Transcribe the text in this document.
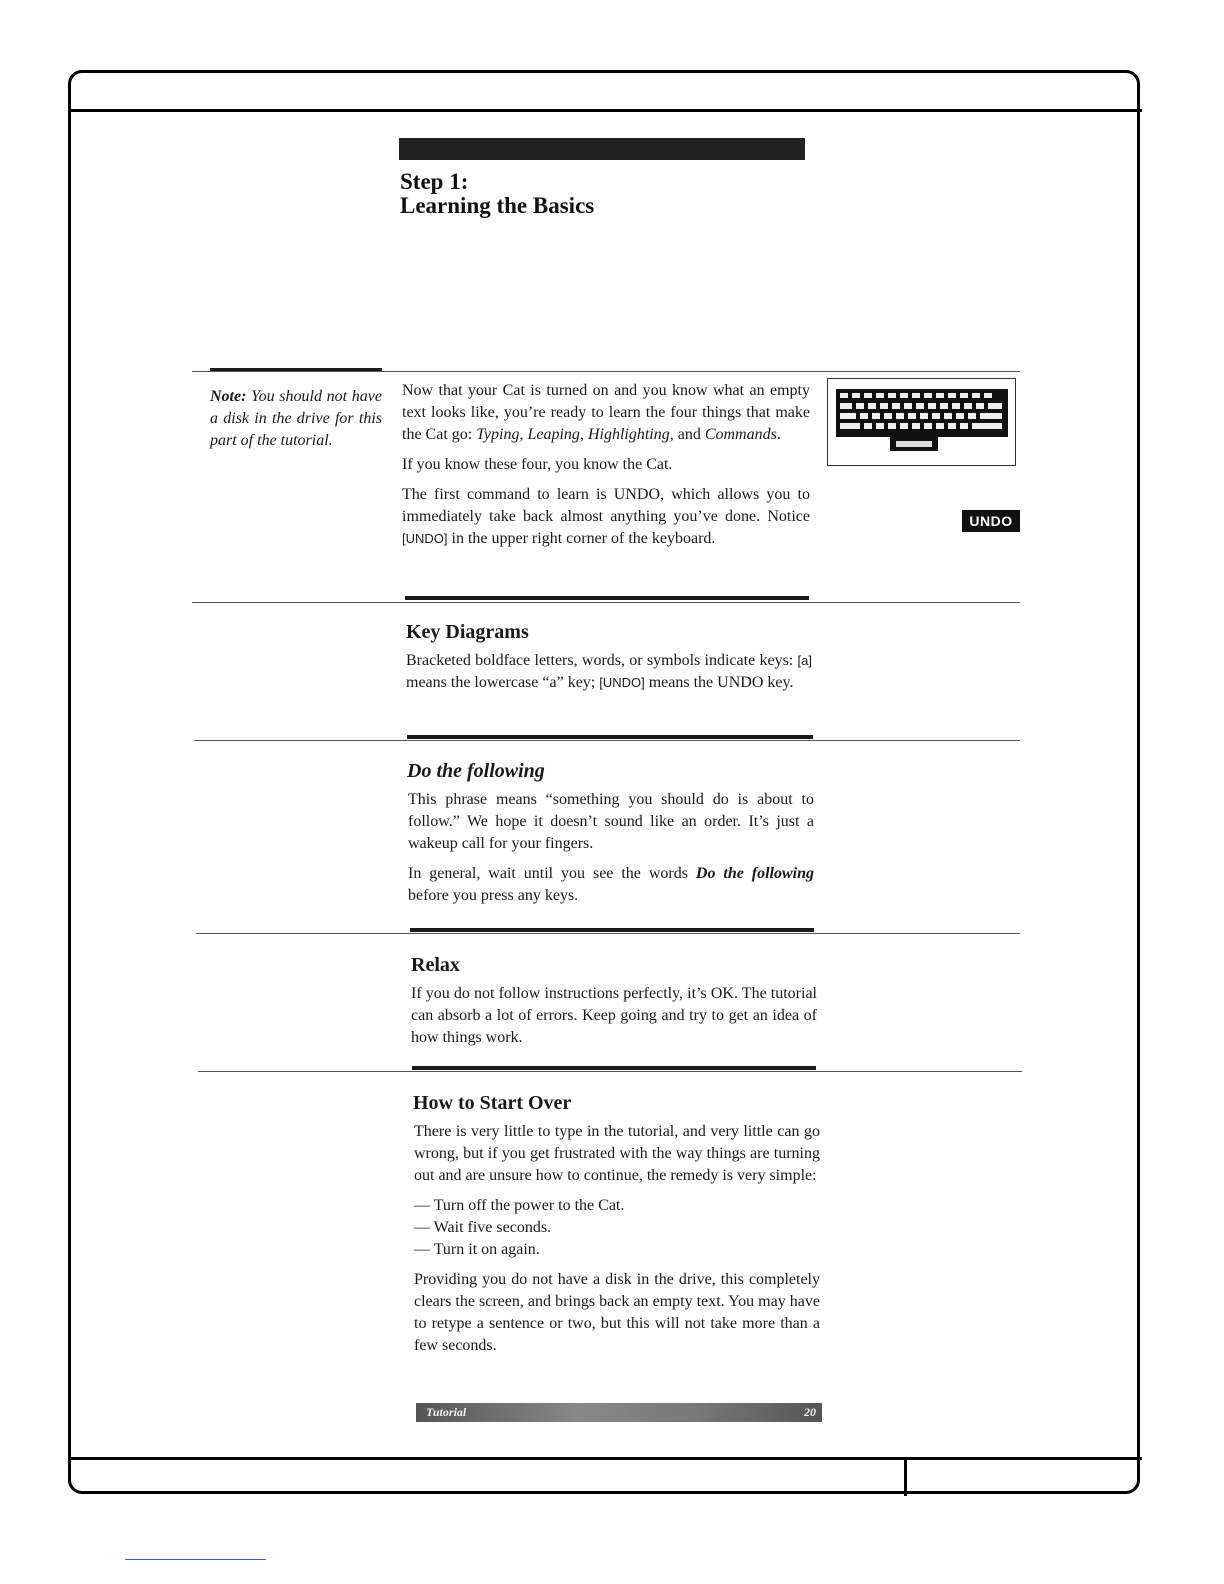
Step 1:
Learning the Basics
Note: You should not have a disk in the drive for this part of the tutorial.

Now that your Cat is turned on and you know what an empty text looks like, you’re ready to learn the four things that make the Cat go: Typing, Leaping, Highlighting, and Commands.

If you know these four, you know the Cat.

The first command to learn is UNDO, which allows you to immediately take back almost anything you’ve done. Notice [UNDO] in the upper right corner of the keyboard.

UNDO
Key Diagrams

Bracketed boldface letters, words, or symbols indicate keys: [a] means the lowercase “a” key; [UNDO] means the UNDO key.

Do the following

This phrase means “something you should do is about to follow.” We hope it doesn’t sound like an order. It’s just a wakeup call for your fingers.

In general, wait until you see the words Do the following before you press any keys.

Relax

If you do not follow instructions perfectly, it’s OK. The tutorial can absorb a lot of errors. Keep going and try to get an idea of how things work.

How to Start Over

There is very little to type in the tutorial, and very little can go wrong, but if you get frustrated with the way things are turning out and are unsure how to continue, the remedy is very simple:

— Turn off the power to the Cat.
— Wait five seconds.
— Turn it on again.

Providing you do not have a disk in the drive, this completely clears the screen, and brings back an empty text. You may have to retype a sentence or two, but this will not take more than a few seconds.

Tutorial	20
